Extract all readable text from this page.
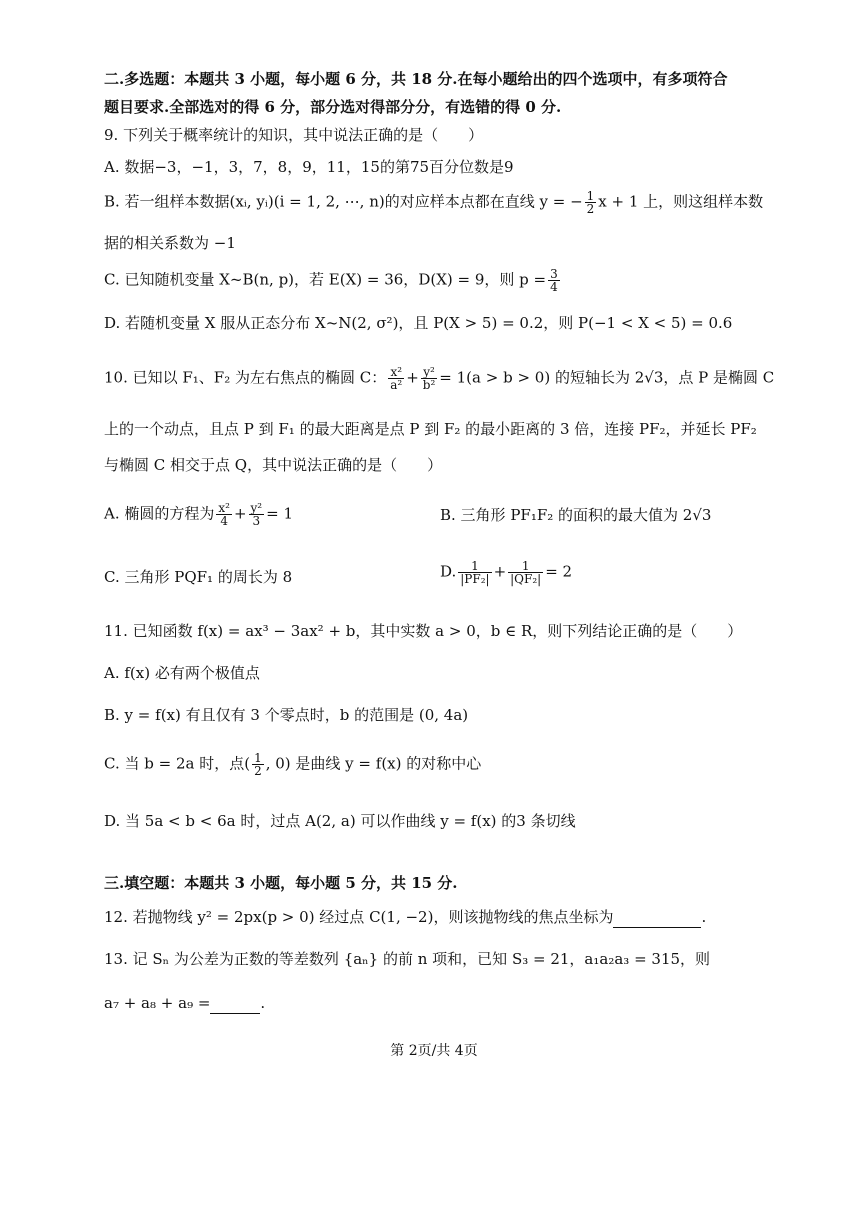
二.多选题：本题共 3 小题，每小题 6 分，共 18 分.在每小题给出的四个选项中，有多项符合
题目要求.全部选对的得 6 分，部分选对得部分分，有选错的得 0 分.
9. 下列关于概率统计的知识，其中说法正确的是（　　）
A. 数据−3，−1，3，7，8，9，11，15的第75百分位数是9
B. 若一组样本数据(xᵢ, yᵢ)(i = 1, 2, ⋯, n)的对应样本点都在直线 y = − $\frac{1}{2}$ x + 1 上，则这组样本数
据的相关系数为 −1
C. 已知随机变量 X~B(n, p)，若 E(X) = 36，D(X) = 9，则 $p = \frac{3}{4}$
D. 若随机变量 X 服从正态分布 X~N(2, σ²)，且 P(X > 5) = 0.2，则 P(−1 < X < 5) = 0.6
10. 已知以 F₁、F₂ 为左右焦点的椭圆 C： $\frac{\text{x²}}{\text{a²}} + \frac{\text{y²}}{\text{b²}} = 1(a > b > 0)$ 的短轴长为 2√3，点 P 是椭圆 C
上的一个动点，且点 P 到 F₁ 的最大距离是点 P 到 F₂ 的最小距离的 3 倍，连接 PF₂，并延长 PF₂
与椭圆 C 相交于点 Q，其中说法正确的是（　　）
A. 椭圆的方程为 $\frac{\text{x²}}{4} + \frac{\text{y²}}{3} = 1$	B. 三角形 PF₁F₂ 的面积的最大值为 2√3
C. 三角形 PQF₁ 的周长为 8	D. $\frac{1}{\text{|PF₂|}} + \frac{1}{\text{|QF₂|}} = 2$
11. 已知函数 f(x) = ax³ − 3ax² + b，其中实数 a > 0，b ∈ R，则下列结论正确的是（　　）
A. f(x) 必有两个极值点
B. y = f(x) 有且仅有 3 个零点时，b 的范围是 (0, 4a)
C. 当 b = 2a 时，点( $\frac{1}{2}$ , 0) 是曲线 y = f(x) 的对称中心
D. 当 5a < b < 6a 时，过点 A(2, a) 可以作曲线 y = f(x) 的3 条切线
三.填空题：本题共 3 小题，每小题 5 分，共 15 分.
12. 若抛物线 y² = 2px(p > 0) 经过点 C(1, −2)，则该抛物线的焦点坐标为	.
13. 记 Sₙ 为公差为正数的等差数列 {aₙ} 的前 n 项和，已知 S₃ = 21，a₁a₂a₃ = 315，则
a₇ + a₈ + a₉ =	.
第 2页/共 4页
